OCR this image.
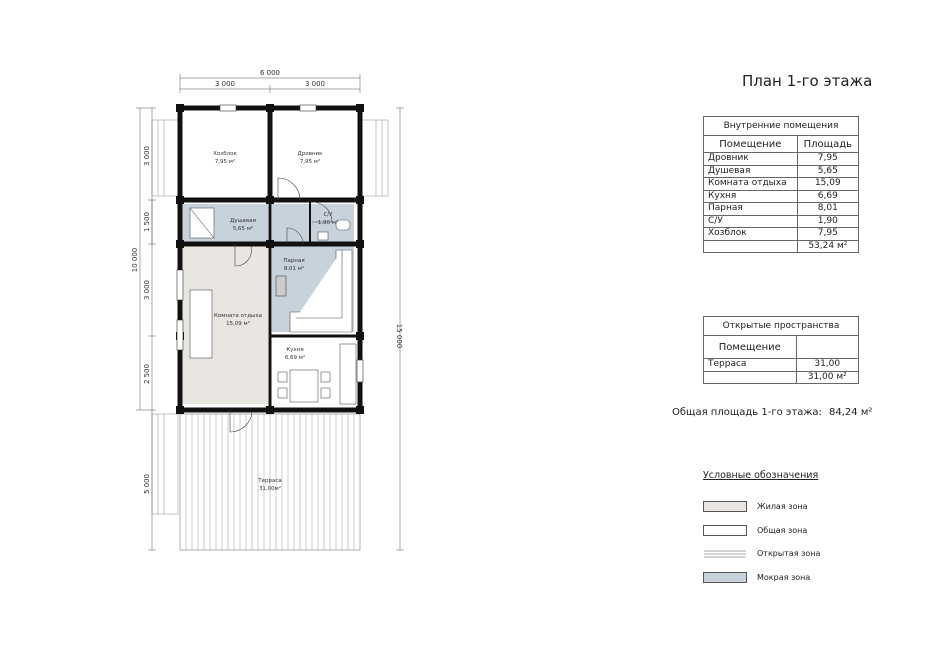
6 000
3 000	3 000
3 000
1 500
3 000
2 500
10 000
5 000
15 000
Хозблок
7,95 м²
Дровник
7,95 м²
Душевая
5,65 м²
С/У
1,90 м²
Парная
8,01 м²
Комната отдыха
15,09 м²
Кухня
6,69 м²
Терраса
31,00м²
План 1-го этажа
Внутренние помещения	
Помещение	Площадь
Дровник	7,95
Душевая	5,65
Комната отдыха	15,09
Кухня	6,69
Парная	8,01
С/У	1,90
Хозблок	7,95
	53,24 м²
Открытые пространства	
Помещение	
Терраса	31,00
	31,00 м²
Общая площадь 1-го этажа: 84,24 м²
Условные обозначения
Жилая зона
Общая зона
Открытая зона
Мокрая зона
